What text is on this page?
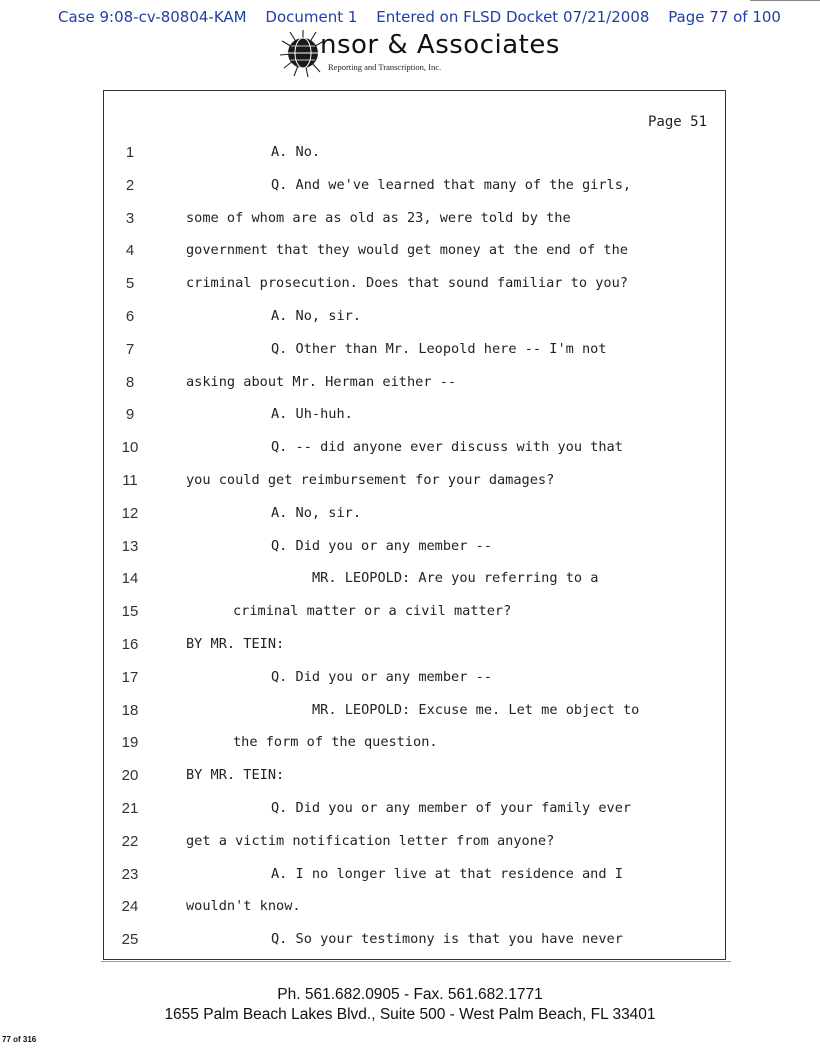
Case 9:08-cv-80804-KAM Document 1 Entered on FLSD Docket 07/21/2008 Page 77 of 100
nsor & Associates
Reporting and Transcription, Inc.
Page 51
1	A. No.
2	Q. And we've learned that many of the girls,
3	some of whom are as old as 23, were told by the
4	government that they would get money at the end of the
5	criminal prosecution. Does that sound familiar to you?
6	A. No, sir.
7	Q. Other than Mr. Leopold here -- I'm not
8	asking about Mr. Herman either --
9	A. Uh-huh.
10	Q. -- did anyone ever discuss with you that
11	you could get reimbursement for your damages?
12	A. No, sir.
13	Q. Did you or any member --
14	MR. LEOPOLD: Are you referring to a
15	criminal matter or a civil matter?
16	BY MR. TEIN:
17	Q. Did you or any member --
18	MR. LEOPOLD: Excuse me. Let me object to
19	the form of the question.
20	BY MR. TEIN:
21	Q. Did you or any member of your family ever
22	get a victim notification letter from anyone?
23	A. I no longer live at that residence and I
24	wouldn't know.
25	Q. So your testimony is that you have never
Ph. 561.682.0905 - Fax. 561.682.1771
1655 Palm Beach Lakes Blvd., Suite 500 - West Palm Beach, FL 33401
77 of 316
